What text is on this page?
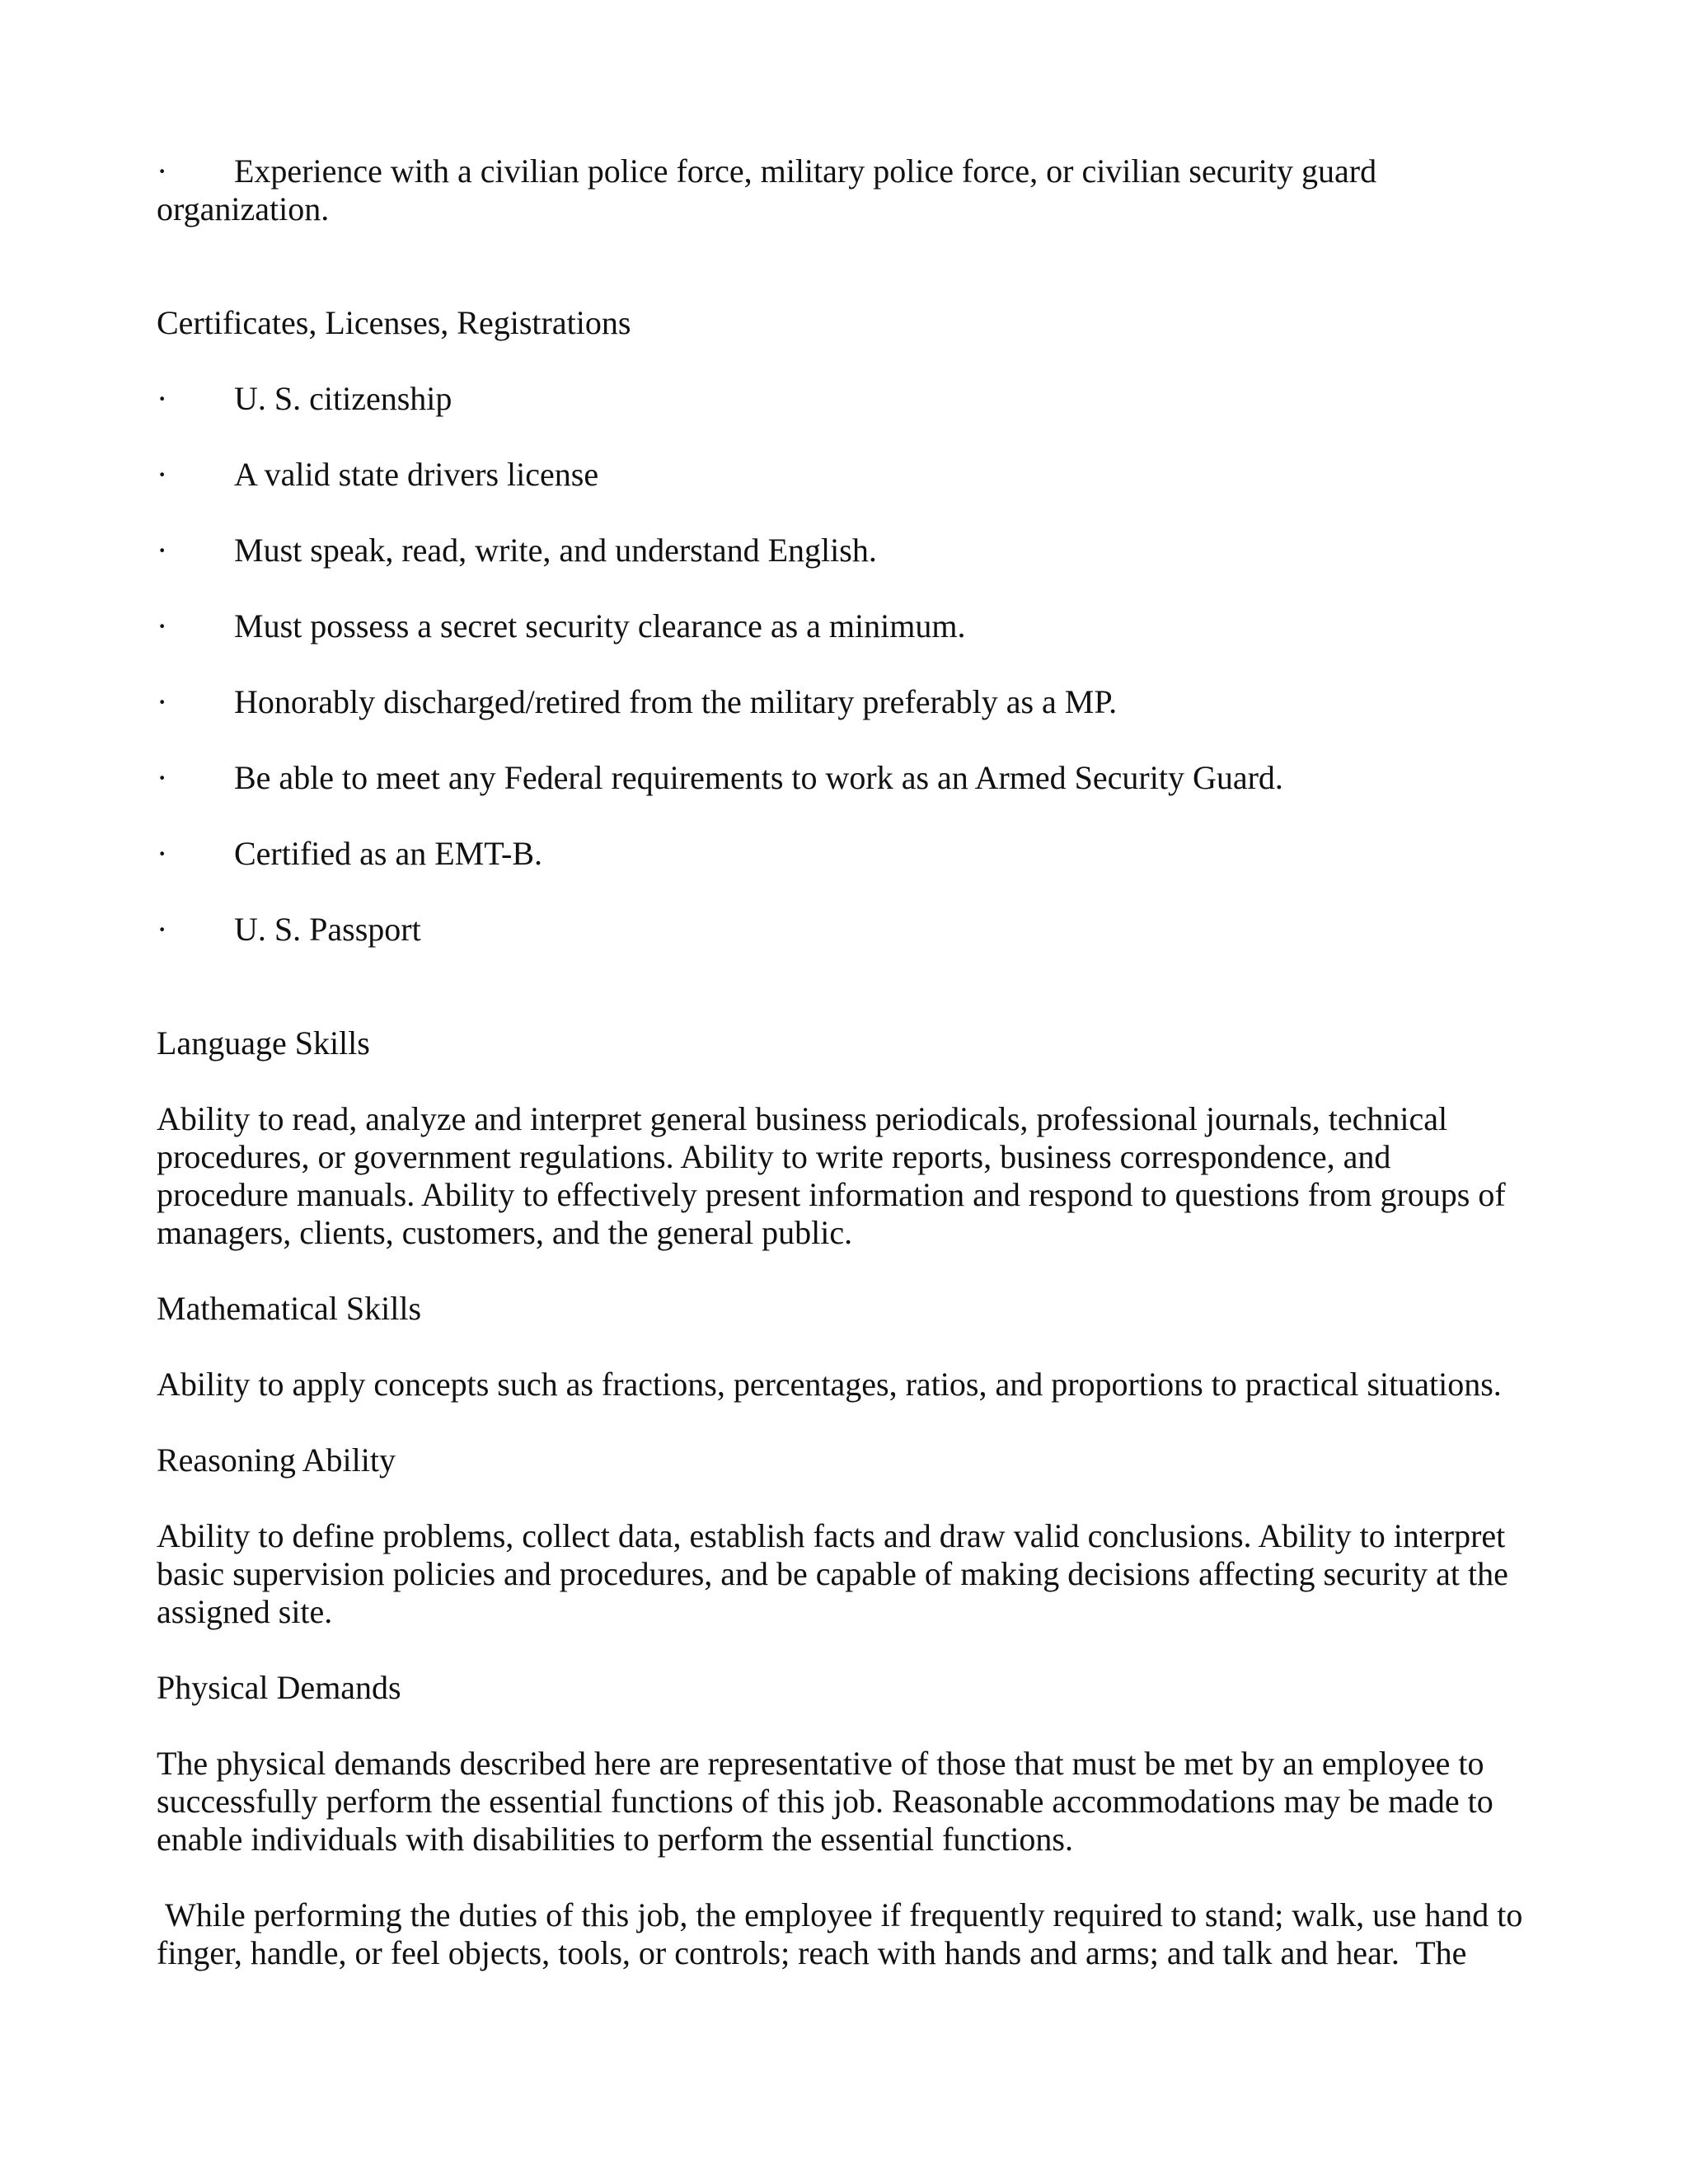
· Experience with a civilian police force, military police force, or civilian security guard organization.

Certificates, Licenses, Registrations

· U. S. citizenship

· A valid state drivers license

· Must speak, read, write, and understand English.

· Must possess a secret security clearance as a minimum.

· Honorably discharged/retired from the military preferably as a MP.

· Be able to meet any Federal requirements to work as an Armed Security Guard.

· Certified as an EMT-B.

· U. S. Passport

Language Skills

Ability to read, analyze and interpret general business periodicals, professional journals, technical procedures, or government regulations. Ability to write reports, business correspondence, and procedure manuals. Ability to effectively present information and respond to questions from groups of managers, clients, customers, and the general public.

Mathematical Skills

Ability to apply concepts such as fractions, percentages, ratios, and proportions to practical situations.

Reasoning Ability

Ability to define problems, collect data, establish facts and draw valid conclusions. Ability to interpret basic supervision policies and procedures, and be capable of making decisions affecting security at the assigned site.

Physical Demands

The physical demands described here are representative of those that must be met by an employee to successfully perform the essential functions of this job. Reasonable accommodations may be made to enable individuals with disabilities to perform the essential functions.

While performing the duties of this job, the employee if frequently required to stand; walk, use hand to finger, handle, or feel objects, tools, or controls; reach with hands and arms; and talk and hear.  The
